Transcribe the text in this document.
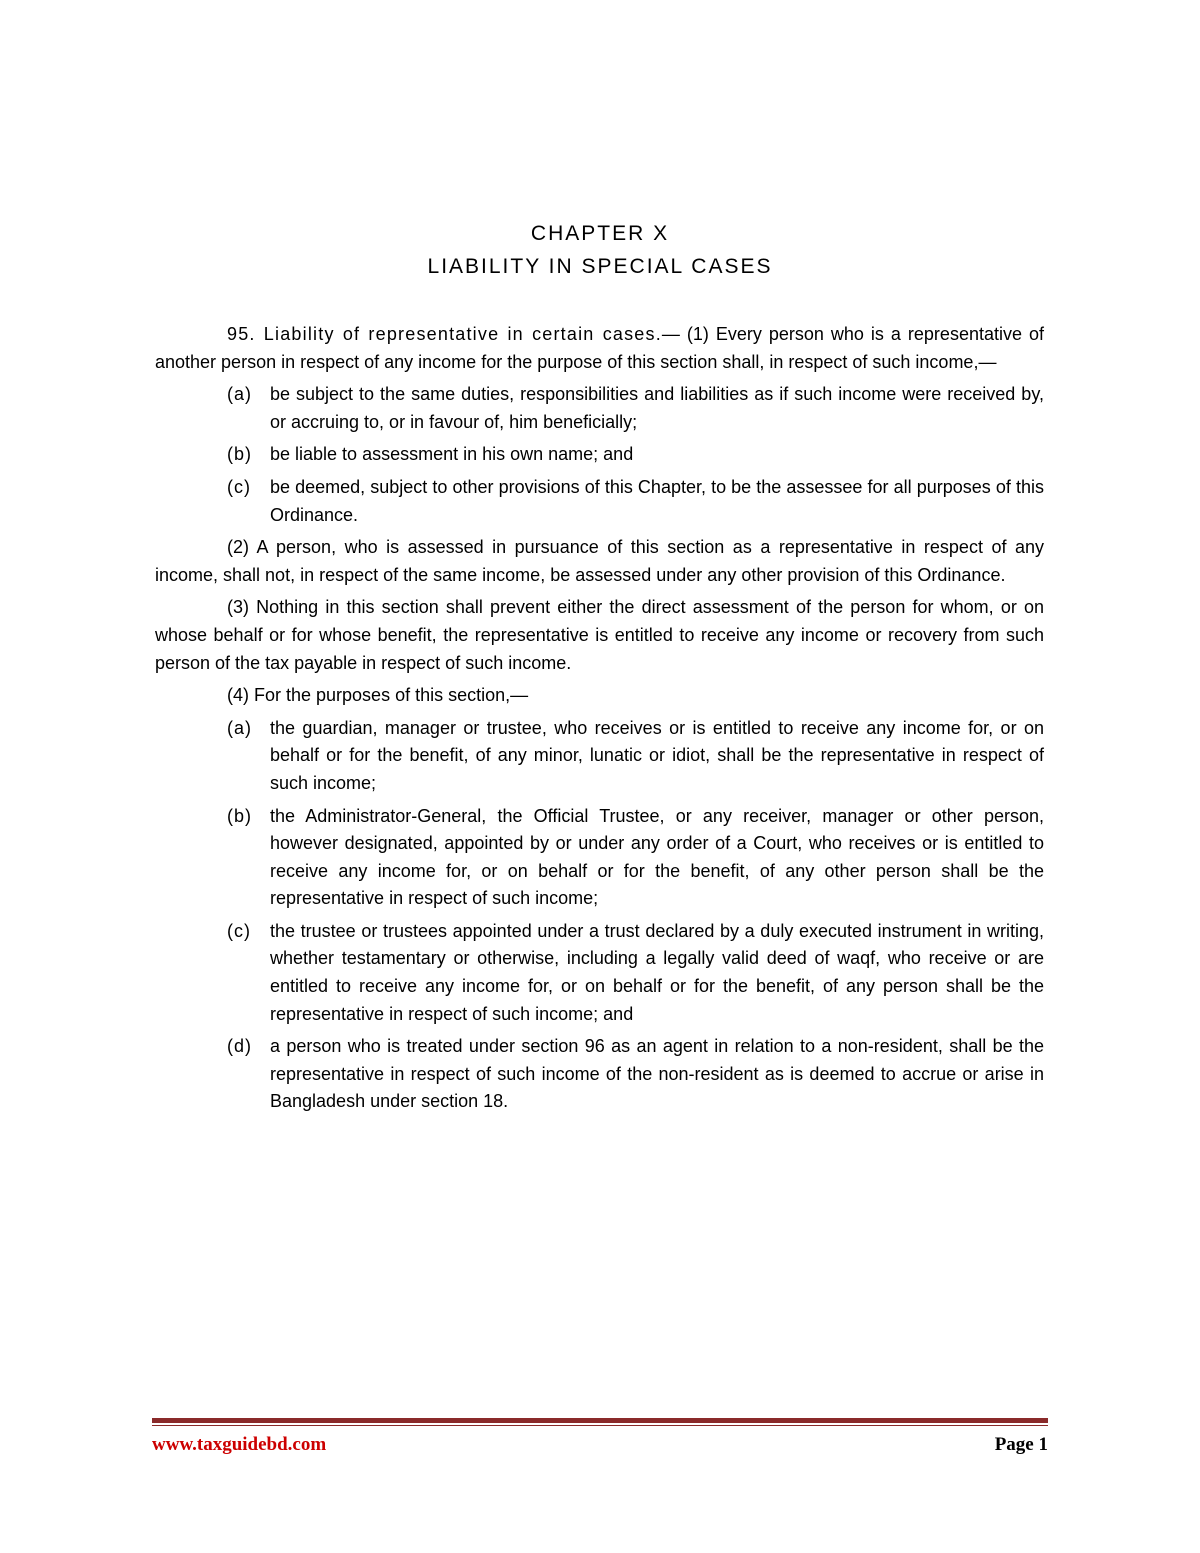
CHAPTER X
LIABILITY IN SPECIAL CASES

95. Liability of representative in certain cases.— (1) Every person who is a representative of another person in respect of any income for the purpose of this section shall, in respect of such income,—

(a)	be subject to the same duties, responsibilities and liabilities as if such income were received by, or accruing to, or in favour of, him beneficially;
(b)	be liable to assessment in his own name; and
(c)	be deemed, subject to other provisions of this Chapter, to be the assessee for all purposes of this Ordinance.

(2) A person, who is assessed in pursuance of this section as a representative in respect of any income, shall not, in respect of the same income, be assessed under any other provision of this Ordinance.

(3) Nothing in this section shall prevent either the direct assessment of the person for whom, or on whose behalf or for whose benefit, the representative is entitled to receive any income or recovery from such person of the tax payable in respect of such income.

(4) For the purposes of this section,—

(a)	the guardian, manager or trustee, who receives or is entitled to receive any income for, or on behalf or for the benefit, of any minor, lunatic or idiot, shall be the representative in respect of such income;
(b)	the Administrator-General, the Official Trustee, or any receiver, manager or other person, however designated, appointed by or under any order of a Court, who receives or is entitled to receive any income for, or on behalf or for the benefit, of any other person shall be the representative in respect of such income;
(c)	the trustee or trustees appointed under a trust declared by a duly executed instrument in writing, whether testamentary or otherwise, including a legally valid deed of waqf, who receive or are entitled to receive any income for, or on behalf or for the benefit, of any person shall be the representative in respect of such income; and
(d)	a person who is treated under section 96 as an agent in relation to a non-resident, shall be the representative in respect of such income of the non-resident as is deemed to accrue or arise in Bangladesh under section 18.
www.taxguidebd.com	Page 1
